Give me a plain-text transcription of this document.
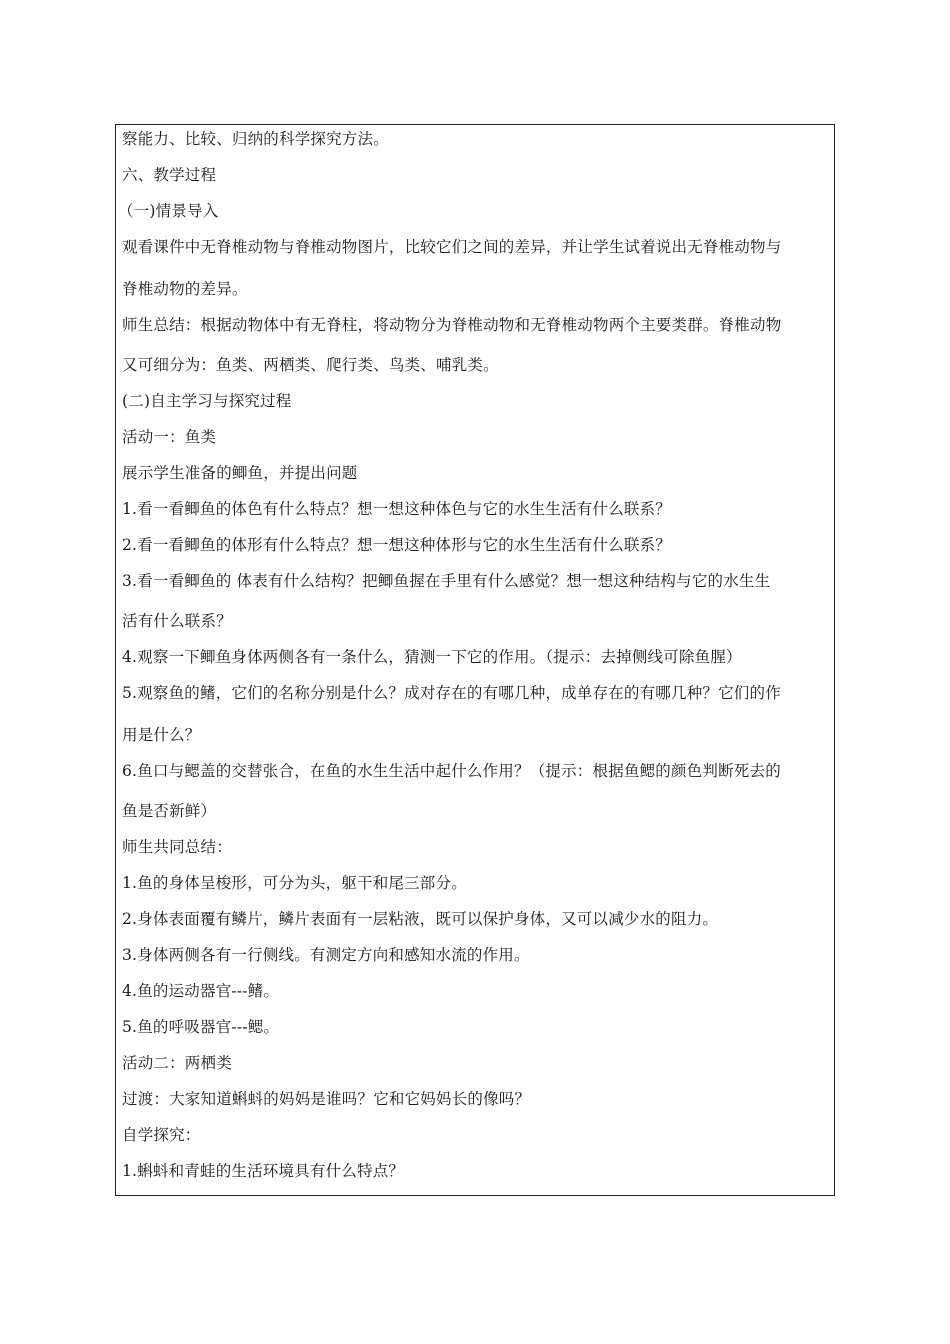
察能力、比较、归纳的科学探究方法。
六、教学过程
（一)情景导入
观看课件中无脊椎动物与脊椎动物图片，比较它们之间的差异，并让学生试着说出无脊椎动物与
脊椎动物的差异。
师生总结：根据动物体中有无脊柱，将动物分为脊椎动物和无脊椎动物两个主要类群。脊椎动物
又可细分为：鱼类、两栖类、爬行类、鸟类、哺乳类。
(二)自主学习与探究过程
活动一：鱼类
展示学生准备的鲫鱼，并提出问题
1.看一看鲫鱼的体色有什么特点？想一想这种体色与它的水生生活有什么联系？
2.看一看鲫鱼的体形有什么特点？想一想这种体形与它的水生生活有什么联系？
3.看一看鲫鱼的 体表有什么结构？把鲫鱼握在手里有什么感觉？想一想这种结构与它的水生生
活有什么联系？
4.观察一下鲫鱼身体两侧各有一条什么，猜测一下它的作用。（提示：去掉侧线可除鱼腥）
5.观察鱼的鳍，它们的名称分别是什么？成对存在的有哪几种，成单存在的有哪几种？它们的作
用是什么？
6.鱼口与鳃盖的交替张合，在鱼的水生生活中起什么作用？（提示：根据鱼鳃的颜色判断死去的
鱼是否新鲜）
师生共同总结：
1.鱼的身体呈梭形，可分为头，躯干和尾三部分。
2.身体表面覆有鳞片，鳞片表面有一层粘液，既可以保护身体，又可以减少水的阻力。
3.身体两侧各有一行侧线。有测定方向和感知水流的作用。
4.鱼的运动器官---鳍。
5.鱼的呼吸器官---鳃。
活动二：两栖类
过渡：大家知道蝌蚪的妈妈是谁吗？它和它妈妈长的像吗？
自学探究：
1.蝌蚪和青蛙的生活环境具有什么特点？
